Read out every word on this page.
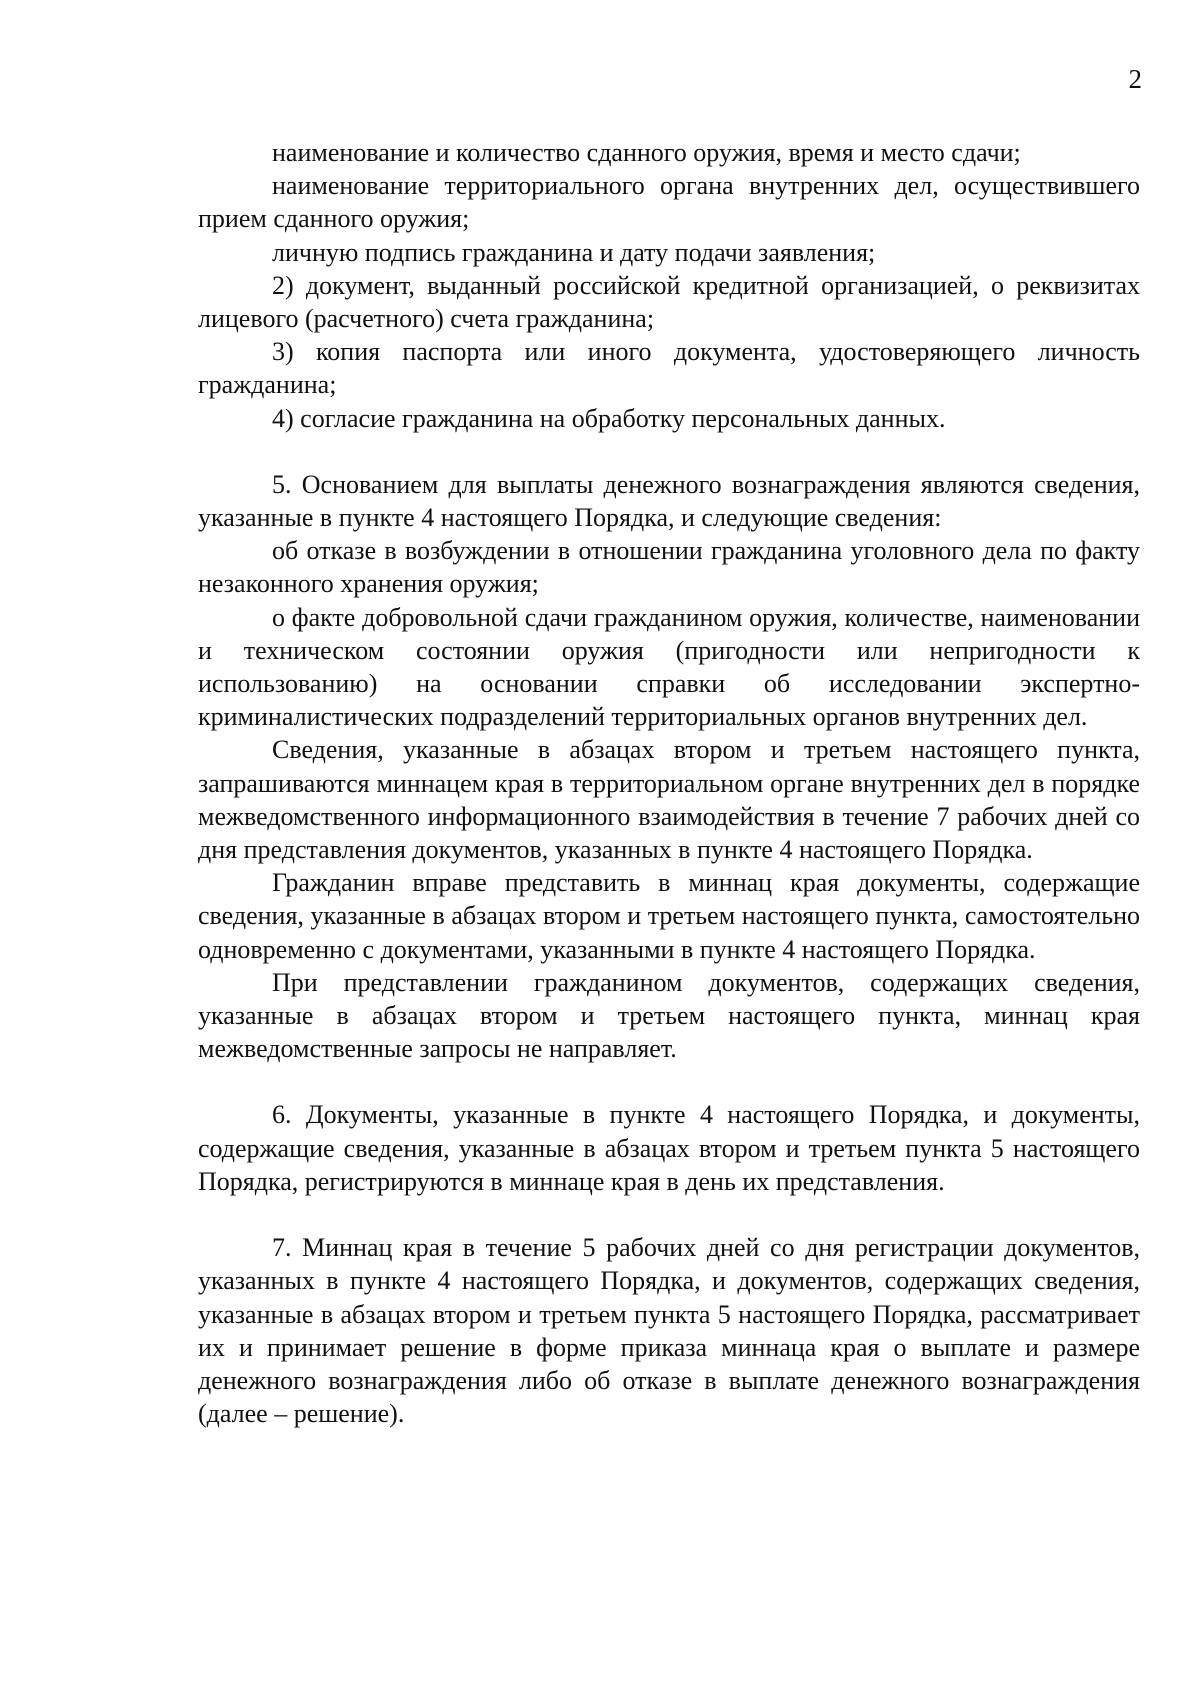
2

наименование и количество сданного оружия, время и место сдачи;

наименование территориального органа внутренних дел, осуществившего прием сданного оружия;

личную подпись гражданина и дату подачи заявления;

2) документ, выданный российской кредитной организацией, о реквизитах лицевого (расчетного) счета гражданина;

3) копия паспорта или иного документа, удостоверяющего личность гражданина;

4) согласие гражданина на обработку персональных данных.

5. Основанием для выплаты денежного вознаграждения являются сведения, указанные в пункте 4 настоящего Порядка, и следующие сведения:

об отказе в возбуждении в отношении гражданина уголовного дела по факту незаконного хранения оружия;

о факте добровольной сдачи гражданином оружия, количестве, наименовании и техническом состоянии оружия (пригодности или непригодности к использованию) на основании справки об исследовании экспертно-криминалистических подразделений территориальных органов внутренних дел.

Сведения, указанные в абзацах втором и третьем настоящего пункта, запрашиваются миннацем края в территориальном органе внутренних дел в порядке межведомственного информационного взаимодействия в течение 7 рабочих дней со дня представления документов, указанных в пункте 4 настоящего Порядка.

Гражданин вправе представить в миннац края документы, содержащие сведения, указанные в абзацах втором и третьем настоящего пункта, самостоятельно одновременно с документами, указанными в пункте 4 настоящего Порядка.

При представлении гражданином документов, содержащих сведения, указанные в абзацах втором и третьем настоящего пункта, миннац края межведомственные запросы не направляет.

6. Документы, указанные в пункте 4 настоящего Порядка, и документы, содержащие сведения, указанные в абзацах втором и третьем пункта 5 настоящего Порядка, регистрируются в миннаце края в день их представления.

7. Миннац края в течение 5 рабочих дней со дня регистрации документов, указанных в пункте 4 настоящего Порядка, и документов, содержащих сведения, указанные в абзацах втором и третьем пункта 5 настоящего Порядка, рассматривает их и принимает решение в форме приказа миннаца края о выплате и размере денежного вознаграждения либо об отказе в выплате денежного вознаграждения (далее – решение).
